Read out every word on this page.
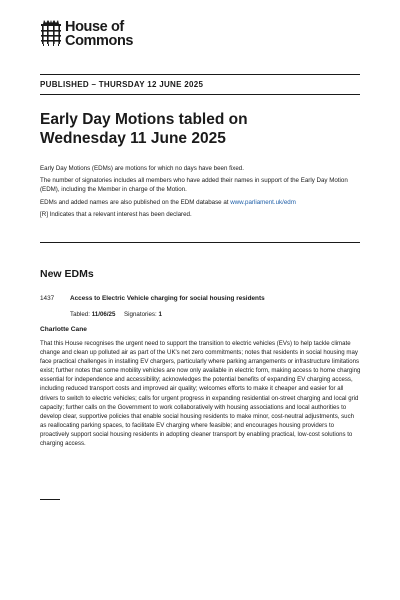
House of
Commons
PUBLISHED – THURSDAY 12 JUNE 2025
Early Day Motions tabled on
Wednesday 11 June 2025

Early Day Motions (EDMs) are motions for which no days have been fixed.

The number of signatories includes all members who have added their names in support of the Early Day Motion (EDM), including the Member in charge of the Motion.

EDMs and added names are also published on the EDM database at www.parliament.uk/edm

[R] Indicates that a relevant interest has been declared.

New EDMs
1437 Access to Electric Vehicle charging for social housing residents
Tabled: 11/06/25 Signatories: 1
Charlotte Cane
That this House recognises the urgent need to support the transition to electric vehicles (EVs) to help tackle climate change and clean up polluted air as part of the UK's net zero commitments; notes that residents in social housing may face practical challenges in installing EV chargers, particularly where parking arrangements or infrastructure limitations exist; further notes that some mobility vehicles are now only available in electric form, making access to home charging essential for independence and accessibility; acknowledges the potential benefits of expanding EV charging access, including reduced transport costs and improved air quality; welcomes efforts to make it cheaper and easier for all drivers to switch to electric vehicles; calls for urgent progress in expanding residential on-street charging and local grid capacity; further calls on the Government to work collaboratively with housing associations and local authorities to develop clear, supportive policies that enable social housing residents to make minor, cost-neutral adjustments, such as reallocating parking spaces, to facilitate EV charging where feasible; and encourages housing providers to proactively support social housing residents in adopting cleaner transport by enabling practical, low-cost solutions to charging access.
